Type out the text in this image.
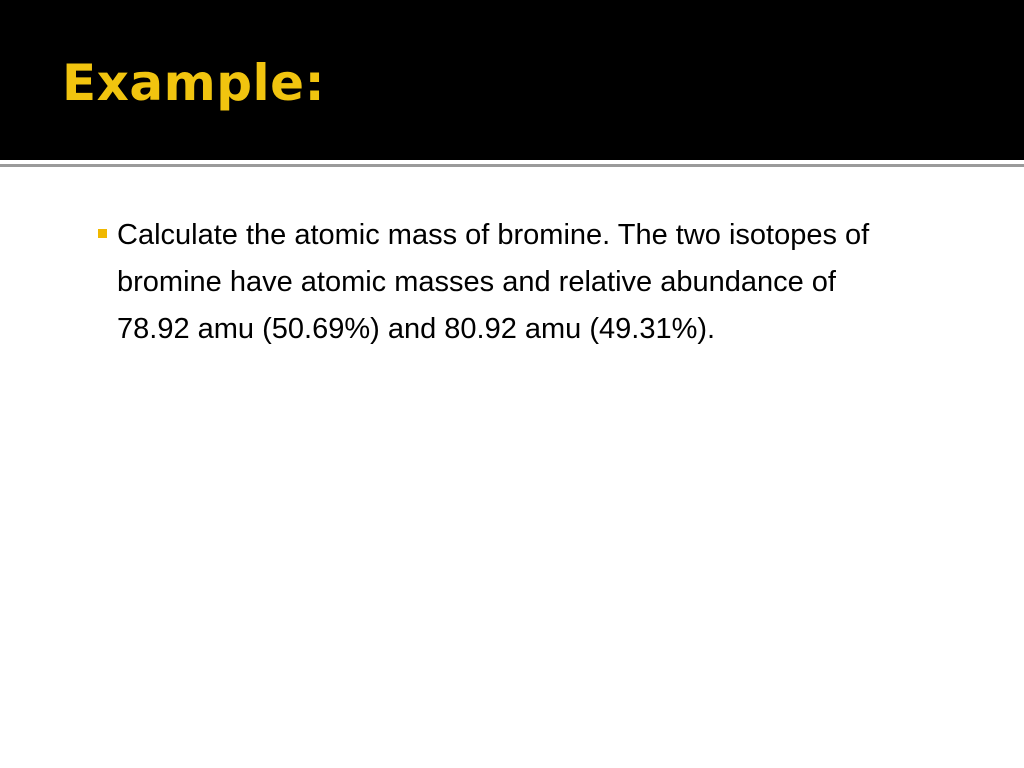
Example:
Calculate the atomic mass of bromine. The two isotopes of bromine have atomic masses and relative abundance of 78.92 amu (50.69%) and 80.92 amu (49.31%).
